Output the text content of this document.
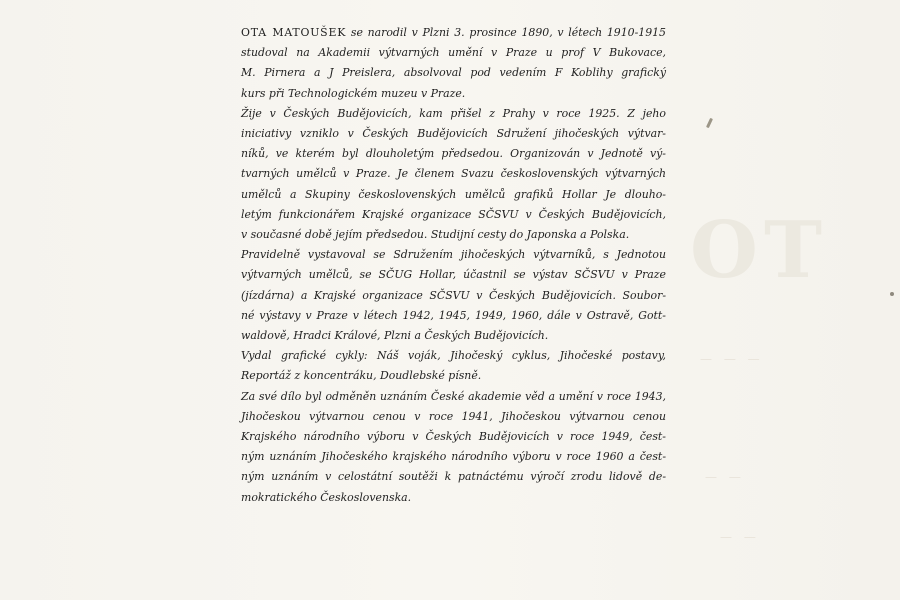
OT
— — —
— —
— —
OTA MATOUŠEK se narodil v Plzni 3. prosince 1890, v létech 1910-1915
studoval na Akademii výtvarných umění v Praze u prof V Bukovace,
M. Pirnera a J Preislera, absolvoval pod vedením F Koblihy grafický
kurs při Technologickém muzeu v Praze.
Žije v Českých Budějovicích, kam přišel z Prahy v roce 1925. Z jeho
iniciativy vzniklo v Českých Budějovicích Sdružení jihočeských výtvar-
níků, ve kterém byl dlouholetým předsedou. Organizován v Jednotě vý-
tvarných umělců v Praze. Je členem Svazu československých výtvarných
umělců a Skupiny československých umělců grafiků Hollar Je dlouho-
letým funkcionářem Krajské organizace SČSVU v Českých Budějovicích,
v současné době jejím předsedou. Studijní cesty do Japonska a Polska.
Pravidelně vystavoval se Sdružením jihočeských výtvarníků, s Jednotou
výtvarných umělců, se SČUG Hollar, účastnil se výstav SČSVU v Praze
(jízdárna) a Krajské organizace SČSVU v Českých Budějovicích. Soubor-
né výstavy v Praze v létech 1942, 1945, 1949, 1960, dále v Ostravě, Gott-
waldově, Hradci Králové, Plzni a Českých Budějovicích.
Vydal grafické cykly: Náš voják, Jihočeský cyklus, Jihočeské postavy,
Reportáž z koncentráku, Doudlebské písně.
Za své dílo byl odměněn uznáním České akademie věd a umění v roce 1943,
Jihočeskou výtvarnou cenou v roce 1941, Jihočeskou výtvarnou cenou
Krajského národního výboru v Českých Budějovicích v roce 1949, čest-
ným uznáním Jihočeského krajského národního výboru v roce 1960 a čest-
ným uznáním v celostátní soutěži k patnáctému výročí zrodu lidově de-
mokratického Československa.
